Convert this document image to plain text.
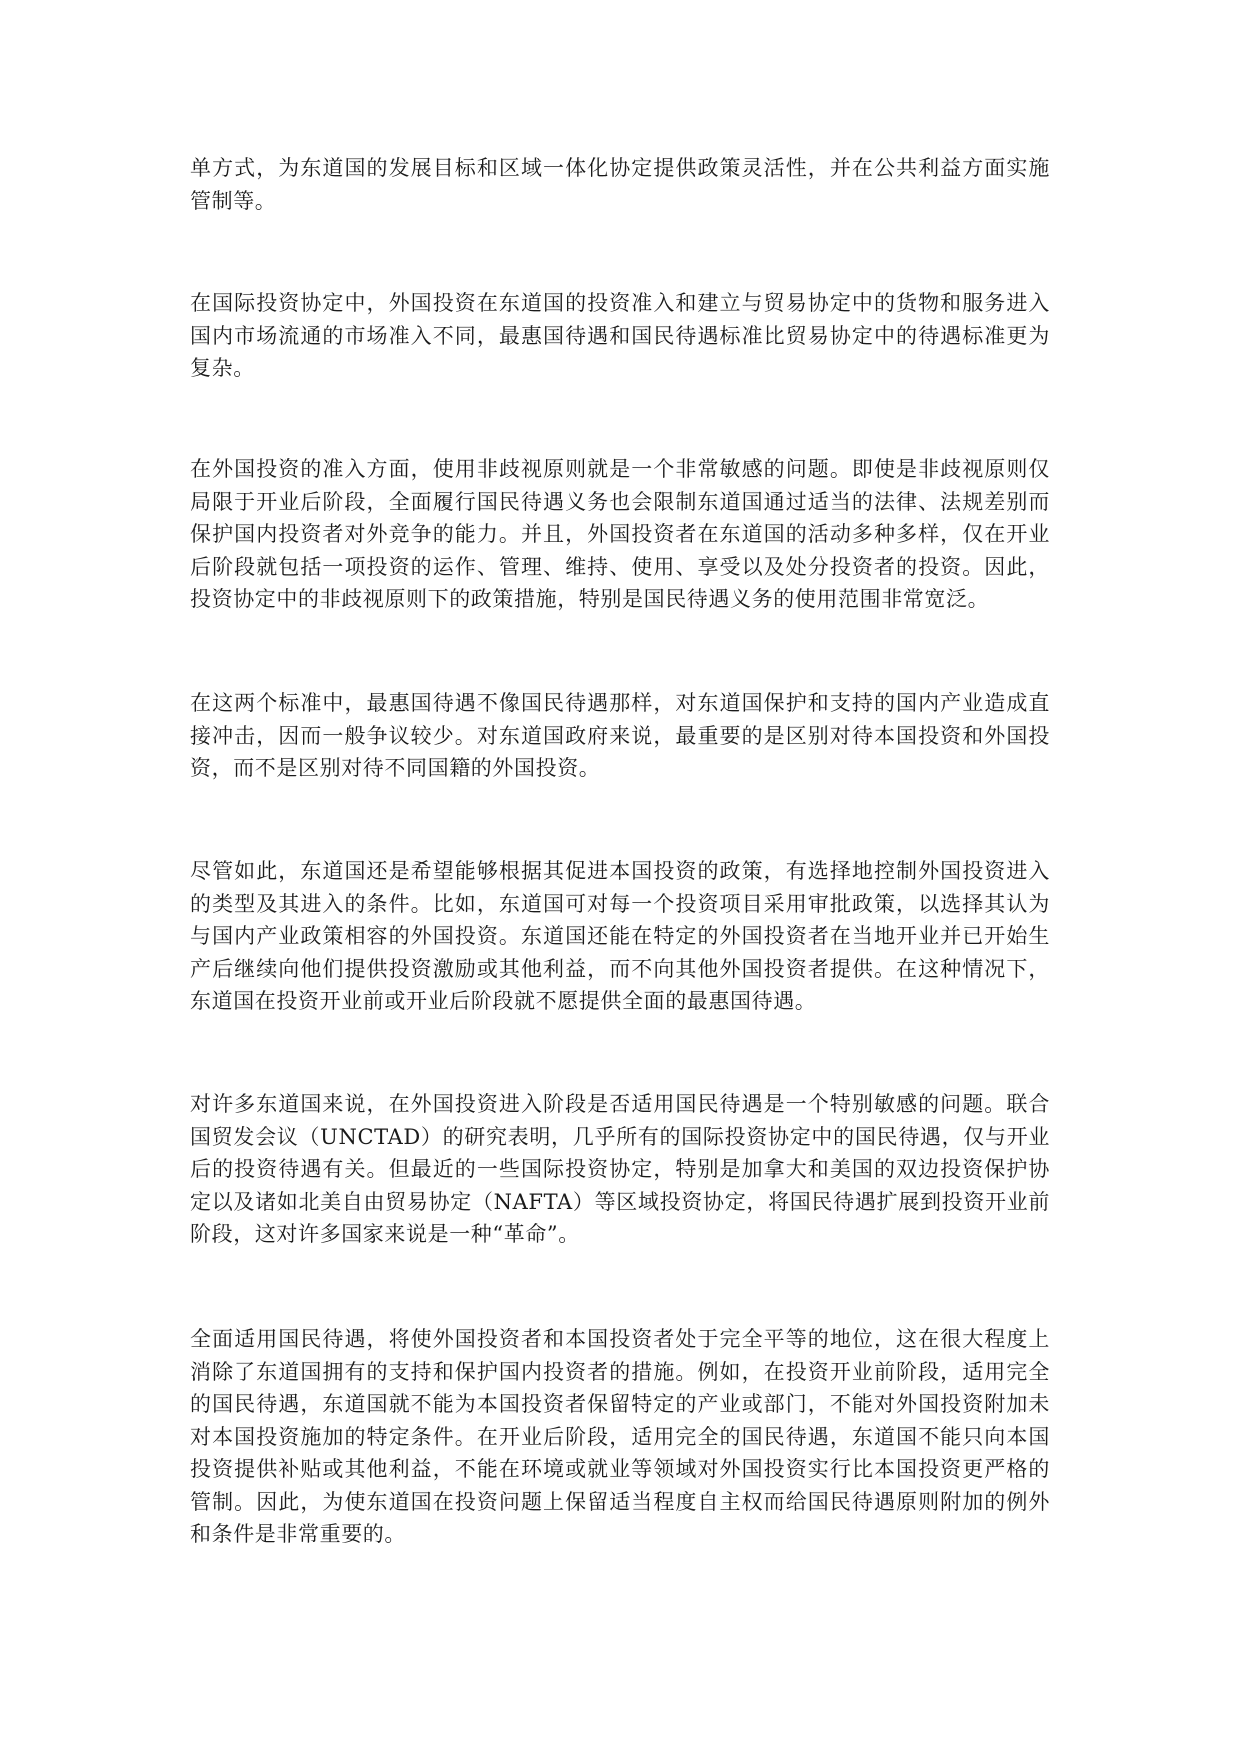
单方式，为东道国的发展目标和区域一体化协定提供政策灵活性，并在公共利益方面实施
管制等。

在国际投资协定中，外国投资在东道国的投资准入和建立与贸易协定中的货物和服务进入
国内市场流通的市场准入不同，最惠国待遇和国民待遇标准比贸易协定中的待遇标准更为
复杂。

在外国投资的准入方面，使用非歧视原则就是一个非常敏感的问题。即使是非歧视原则仅
局限于开业后阶段，全面履行国民待遇义务也会限制东道国通过适当的法律、法规差别而
保护国内投资者对外竞争的能力。并且，外国投资者在东道国的活动多种多样，仅在开业
后阶段就包括一项投资的运作、管理、维持、使用、享受以及处分投资者的投资。因此，
投资协定中的非歧视原则下的政策措施，特别是国民待遇义务的使用范围非常宽泛。

在这两个标准中，最惠国待遇不像国民待遇那样，对东道国保护和支持的国内产业造成直
接冲击，因而一般争议较少。对东道国政府来说，最重要的是区别对待本国投资和外国投
资，而不是区别对待不同国籍的外国投资。

尽管如此，东道国还是希望能够根据其促进本国投资的政策，有选择地控制外国投资进入
的类型及其进入的条件。比如，东道国可对每一个投资项目采用审批政策，以选择其认为
与国内产业政策相容的外国投资。东道国还能在特定的外国投资者在当地开业并已开始生
产后继续向他们提供投资激励或其他利益，而不向其他外国投资者提供。在这种情况下，
东道国在投资开业前或开业后阶段就不愿提供全面的最惠国待遇。

对许多东道国来说，在外国投资进入阶段是否适用国民待遇是一个特别敏感的问题。联合
国贸发会议（UNCTAD）的研究表明，几乎所有的国际投资协定中的国民待遇，仅与开业
后的投资待遇有关。但最近的一些国际投资协定，特别是加拿大和美国的双边投资保护协
定以及诸如北美自由贸易协定（NAFTA）等区域投资协定，将国民待遇扩展到投资开业前
阶段，这对许多国家来说是一种“革命”。

全面适用国民待遇，将使外国投资者和本国投资者处于完全平等的地位，这在很大程度上
消除了东道国拥有的支持和保护国内投资者的措施。例如，在投资开业前阶段，适用完全
的国民待遇，东道国就不能为本国投资者保留特定的产业或部门，不能对外国投资附加未
对本国投资施加的特定条件。在开业后阶段，适用完全的国民待遇，东道国不能只向本国
投资提供补贴或其他利益，不能在环境或就业等领域对外国投资实行比本国投资更严格的
管制。因此，为使东道国在投资问题上保留适当程度自主权而给国民待遇原则附加的例外
和条件是非常重要的。
